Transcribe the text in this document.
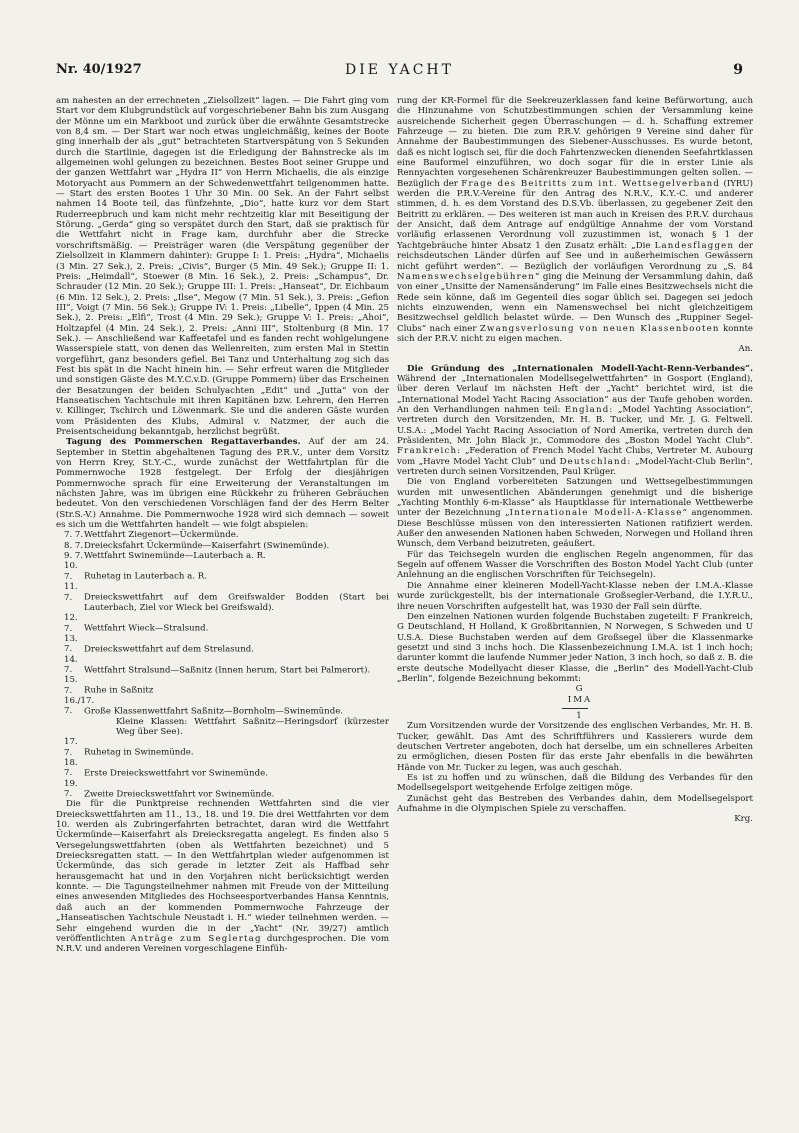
Nr. 40/1927	DIE YACHT	9

am nahesten an der errechneten „Zielsollzeit“ lagen. — Die Fahrt ging vom Start vor dem Klubgrundstück auf vorgeschriebener Bahn bis zum Ausgang der Mönne um ein Markboot und zurück über die erwähnte Gesamtstrecke von 8,4 sm. — Der Start war noch etwas ungleichmäßig, keines der Boote ging innerhalb der als „gut“ betrachteten Startverspätung von 5 Sekunden durch die Startlinie, dagegen ist die Erledigung der Bahnstrecke als im allgemeinen wohl gelungen zu bezeichnen. Bestes Boot seiner Gruppe und der ganzen Wettfahrt war „Hydra II“ von Herrn Michaelis, die als einzige Motoryacht aus Pommern an der Schwedenwettfahrt teilgenommen hatte. — Start des ersten Bootes 1 Uhr 30 Min. 00 Sek. An der Fahrt selbst nahmen 14 Boote teil, das fünfzehnte, „Dio“, hatte kurz vor dem Start Ruderreepbruch und kam nicht mehr rechtzeitig klar mit Beseitigung der Störung. „Gerda“ ging so verspätet durch den Start, daß sie praktisch für die Wettfahrt nicht in Frage kam, durchfuhr aber die Strecke vorschriftsmäßig. — Preisträger waren (die Verspätung gegenüber der Zielsollzeit in Klammern dahinter): Gruppe I: 1. Preis: „Hydra“, Michaelis (3 Min. 27 Sek.), 2. Preis: „Civis“, Burger (5 Min. 49 Sek.); Gruppe II: 1. Preis: „Heimdall“, Stoewer (8 Min. 16 Sek.), 2. Preis: „Schampus“, Dr. Schrauder (12 Min. 20 Sek.); Gruppe III: 1. Preis: „Hanseat“, Dr. Eichbaum (6 Min. 12 Sek.), 2. Preis: „Ilse“, Megow (7 Min. 51 Sek.), 3. Preis: „Gefion III“, Voigt (7 Min. 56 Sek.); Gruppe IV: 1. Preis: „Libelle“, Ippen (4 Min. 25 Sek.), 2. Preis: „Elfi“, Trost (4 Min. 29 Sek.); Gruppe V: 1. Preis: „Ahoi“, Holtzapfel (4 Min. 24 Sek.), 2. Preis: „Anni III“, Stoltenburg (8 Min. 17 Sek.). — Anschließend war Kaffeetafel und es fanden recht wohlgelungene Wasserspiele statt, von denen das Wellenreiten, zum ersten Mal in Stettin vorgeführt, ganz besonders gefiel. Bei Tanz und Unterhaltung zog sich das Fest bis spät in die Nacht hinein hin. — Sehr erfreut waren die Mitglieder und sonstigen Gäste des M.Y.C.v.D. (Gruppe Pommern) über das Erscheinen der Besatzungen der beiden Schulyachten „Edit“ und „Jutta“ von der Hanseatischen Yachtschule mit ihren Kapitänen bzw. Lehrern, den Herren v. Killinger, Tschirch und Löwenmark. Sie und die anderen Gäste wurden vom Präsidenten des Klubs, Admiral v. Natzmer, der auch die Preisentscheidung bekanntgab, herzlichst begrüßt.

Tagung des Pommerschen Regattaverbandes. Auf der am 24. September in Stettin abgehaltenen Tagung des P.R.V., unter dem Vorsitz von Herrn Krey, St.Y.-C., wurde zunächst der Wettfahrtplan für die Pommernwoche 1928 festgelegt. Der Erfolg der diesjährigen Pommernwoche sprach für eine Erweiterung der Veranstaltungen im nächsten Jahre, was im übrigen eine Rückkehr zu früheren Gebräuchen bedeutet. Von den verschiedenen Vorschlägen fand der des Herrn Belter (Str.S.-V.) Annahme. Die Pommernwoche 1928 wird sich demnach — soweit es sich um die Wettfahrten handelt — wie folgt abspielen:

7. 7.Wettfahrt Ziegenort—Ückermünde.
8. 7.Dreiecksfahrt Ückermünde—Kaiserfahrt (Swinemünde).
9. 7.Wettfahrt Swinemünde—Lauterbach a. R.
10. 7. Ruhetag in Lauterbach a. R.
11. 7. Dreieckswettfahrt auf dem Greifswalder Bodden (Start bei Lauterbach, Ziel vor Wieck bei Greifswald).
12. 7. Wettfahrt Wieck—Stralsund.
13. 7. Dreieckswettfahrt auf dem Strelasund.
14. 7. Wettfahrt Stralsund—Saßnitz (Innen herum, Start bei Palmerort).
15. 7. Ruhe in Saßnitz
16./17. 7. Große Klassenwettfahrt Saßnitz—Bornholm—Swinemünde.
Kleine Klassen: Wettfahrt Saßnitz—Heringsdorf (kürzester Weg über See).
17. 7. Ruhetag in Swinemünde.
18. 7. Erste Dreieckswettfahrt vor Swinemünde.
19. 7. Zweite Dreieckswettfahrt vor Swinemünde.

Die für die Punktpreise rechnenden Wettfahrten sind die vier Dreieckswettfahrten am 11., 13., 18. und 19. Die drei Wettfahrten vor dem 10. werden als Zubringerfahrten betrachtet, daran wird die Wettfahrt Ückermünde—Kaiserfahrt als Dreiecksregatta angelegt. Es finden also 5 Versegelungswettfahrten (oben als Wettfahrten bezeichnet) und 5 Dreiecksregatten statt. — In den Wettfahrtplan wieder aufgenommen ist Ückermünde, das sich gerade in letzter Zeit als Haffbad sehr herausgemacht hat und in den Vorjahren nicht berücksichtigt werden konnte. — Die Tagungsteilnehmer nahmen mit Freude von der Mitteilung eines anwesenden Mitgliedes des Hochseesportverbandes Hansa Kenntnis, daß auch an der kommenden Pommernwoche Fahrzeuge der „Hanseatischen Yachtschule Neustadt i. H.“ wieder teilnehmen werden. — Sehr eingehend wurden die in der „Yacht“ (Nr. 39/27) amtlich veröffentlichten Anträge zum Seglertag durchgesprochen. Die vom N.R.V. und anderen Vereinen vorgeschlagene Einfüh-

rung der KR-Formel für die Seekreuzerklassen fand keine Befürwortung, auch die Hinzunahme von Schutzbestimmungen schien der Versammlung keine ausreichende Sicherheit gegen Überraschungen — d. h. Schaffung extremer Fahrzeuge — zu bieten. Die zum P.R.V. gehörigen 9 Vereine sind daher für Annahme der Baubestimmungen des Siebener-Ausschusses. Es wurde betont, daß es nicht logisch sei, für die doch Fahrtenzwecken dienenden Seefahrtklassen eine Bauformel einzuführen, wo doch sogar für die in erster Linie als Rennyachten vorgesehenen Schärenkreuzer Baubestimmungen gelten sollen. — Bezüglich der Frage des Beitritts zum int. Wettsegelverband (IYRU) werden die P.R.V.-Vereine für den Antrag des N.R.V., K.Y.-C. und anderer stimmen, d. h. es dem Vorstand des D.S.Vb. überlassen, zu gegebener Zeit den Beitritt zu erklären. — Des weiteren ist man auch in Kreisen des P.R.V. durchaus der Ansicht, daß dem Antrage auf endgültige Annahme der vom Vorstand vorläufig erlassenen Verordnung voll zuzustimmen ist, wonach § 1 der Yachtgebräuche hinter Absatz 1 den Zusatz erhält: „Die Landesflaggen der reichsdeutschen Länder dürfen auf See und in außerheimischen Gewässern nicht geführt werden“. — Bezüglich der vorläufigen Verordnung zu „S. 84 Namenswechselgebühren“ ging die Meinung der Versammlung dahin, daß von einer „Unsitte der Namensänderung“ im Falle eines Besitzwechsels nicht die Rede sein könne, daß im Gegenteil dies sogar üblich sei. Dagegen sei jedoch nichts einzuwenden, wenn ein Namenswechsel bei nicht gleichzeitigem Besitzwechsel geldlich belastet würde. — Den Wunsch des „Ruppiner Segel-Clubs“ nach einer Zwangsverlosung von neuen Klassenbooten konnte sich der P.R.V. nicht zu eigen machen.

An.

Die Gründung des „Internationalen Modell-Yacht-Renn-Verbandes“. Während der „Internationalen Modellsegelwettfahrten“ in Gosport (England), über deren Verlauf im nächsten Heft der „Yacht“ berichtet wird, ist die „International Model Yacht Racing Association“ aus der Taufe gehoben worden. An den Verhandlungen nahmen teil: England: „Model Yachting Association“, vertreten durch den Vorsitzenden, Mr. H. B. Tucker, und Mr. J. G. Feltwell. U.S.A.: „Model Yacht Racing Association of Nord Amerika, vertreten durch den Präsidenten, Mr. John Black jr., Commodore des „Boston Model Yacht Club“. Frankreich: „Federation of French Model Yacht Clubs, Vertreter M. Aubourg vom „Havre Model Yacht Club“ und Deutschland: „Model-Yacht-Club Berlin“, vertreten durch seinen Vorsitzenden, Paul Krüger.

Die von England vorbereiteten Satzungen und Wettsegelbestimmungen wurden mit unwesentlichen Abänderungen genehmigt und die bisherige „Yachting Monthly 6-m-Klasse“ als Hauptklasse für internationale Wettbewerbe unter der Bezeichnung „Internationale Modell-A-Klasse“ angenommen. Diese Beschlüsse müssen von den interessierten Nationen ratifiziert werden. Außer den anwesenden Nationen haben Schweden, Norwegen und Holland ihren Wunsch, dem Verband beizutreten, geäußert.

Für das Teichsegeln wurden die englischen Regeln angenommen, für das Segeln auf offenem Wasser die Vorschriften des Boston Model Yacht Club (unter Anlehnung an die englischen Vorschriften für Teichsegeln).

Die Annahme einer kleineren Modell-Yacht-Klasse neben der I.M.A.-Klasse wurde zurückgestellt, bis der internationale Großsegler-Verband, die I.Y.R.U., ihre neuen Vorschriften aufgestellt hat, was 1930 der Fall sein dürfte.

Den einzelnen Nationen wurden folgende Buchstaben zugeteilt: F Frankreich, G Deutschland, H Holland, K Großbritannien, N Norwegen, S Schweden und U U.S.A. Diese Buchstaben werden auf dem Großsegel über die Klassenmarke gesetzt und sind 3 inchs hoch. Die Klassenbezeichnung I.M.A. ist 1 inch hoch; darunter kommt die laufende Nummer jeder Nation, 3 inch hoch, so daß z. B. die erste deutsche Modellyacht dieser Klasse, die „Berlin“ des Modell-Yacht-Club „Berlin“, folgende Bezeichnung bekommt:

G

IMA

1

Zum Vorsitzenden wurde der Vorsitzende des englischen Verbandes, Mr. H. B. Tucker, gewählt. Das Amt des Schriftführers und Kassierers wurde dem deutschen Vertreter angeboten, doch hat derselbe, um ein schnelleres Arbeiten zu ermöglichen, diesen Posten für das erste Jahr ebenfalls in die bewährten Hände von Mr. Tucker zu legen, was auch geschah.

Es ist zu hoffen und zu wünschen, daß die Bildung des Verbandes für den Modellsegelsport weitgehende Erfolge zeitigen möge.

Zunächst geht das Bestreben des Verbandes dahin, dem Modellsegelsport Aufnahme in die Olympischen Spiele zu verschaffen.

Krg.
